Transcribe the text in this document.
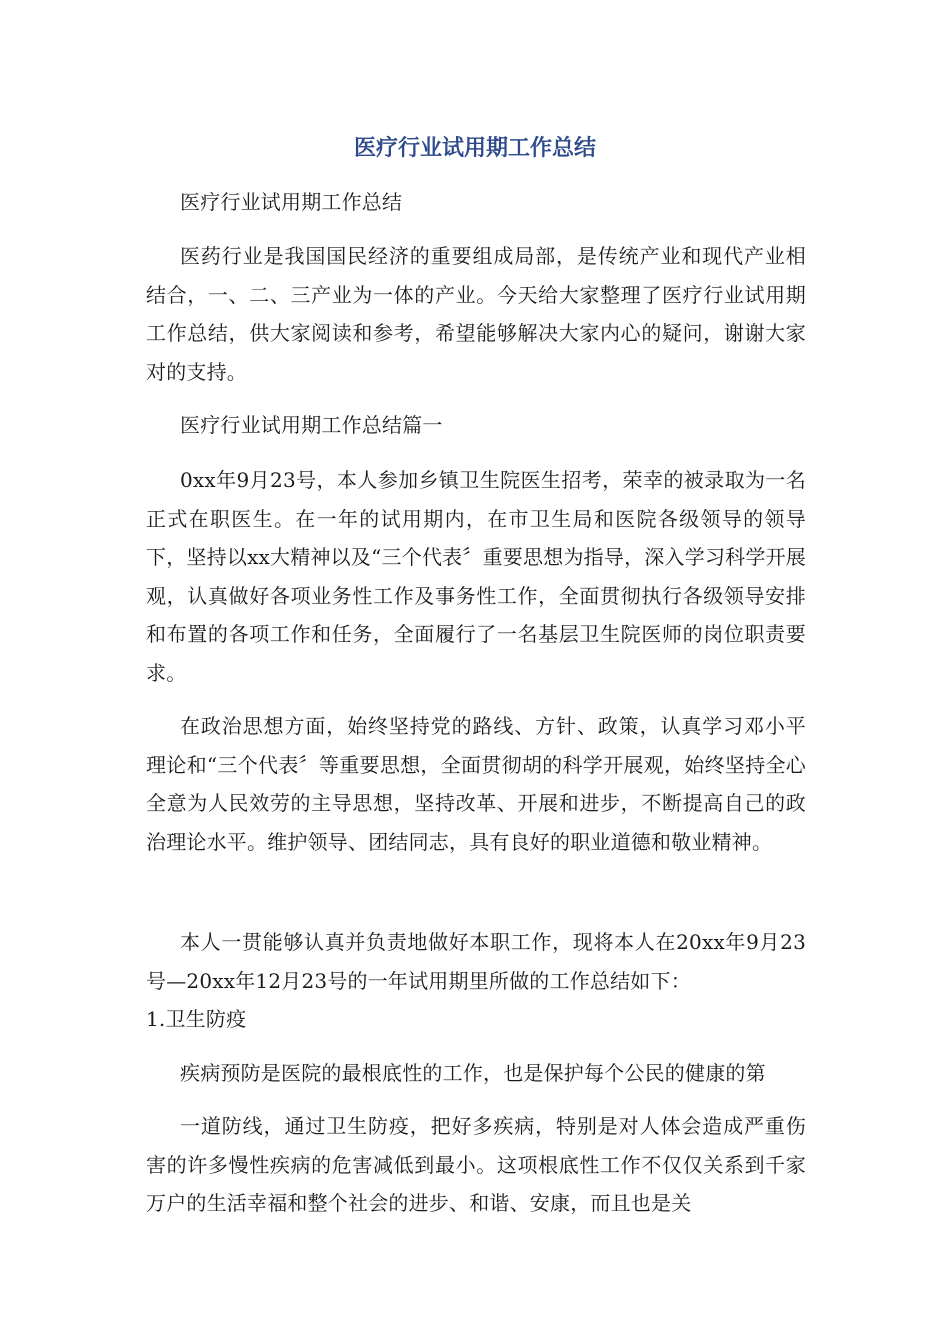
医疗行业试用期工作总结

医疗行业试用期工作总结

医药行业是我国国民经济的重要组成局部，是传统产业和现代产业相结合，一、二、三产业为一体的产业。今天给大家整理了医疗行业试用期工作总结，供大家阅读和参考，希望能够解决大家内心的疑问，谢谢大家对的支持。

医疗行业试用期工作总结篇一

0xx年9月23号，本人参加乡镇卫生院医生招考，荣幸的被录取为一名正式在职医生。在一年的试用期内，在市卫生局和医院各级领导的领导下，坚持以xx大精神以及“三个代表〞重要思想为指导，深入学习科学开展观，认真做好各项业务性工作及事务性工作，全面贯彻执行各级领导安排和布置的各项工作和任务，全面履行了一名基层卫生院医师的岗位职责要求。

在政治思想方面，始终坚持党的路线、方针、政策，认真学习邓小平理论和“三个代表〞等重要思想，全面贯彻胡的科学开展观，始终坚持全心全意为人民效劳的主导思想，坚持改革、开展和进步，不断提高自己的政治理论水平。维护领导、团结同志，具有良好的职业道德和敬业精神。

本人一贯能够认真并负责地做好本职工作，现将本人在20xx年9月23号—20xx年12月23号的一年试用期里所做的工作总结如下：

1.卫生防疫

疾病预防是医院的最根底性的工作，也是保护每个公民的健康的第

一道防线，通过卫生防疫，把好多疾病，特别是对人体会造成严重伤害的许多慢性疾病的危害减低到最小。这项根底性工作不仅仅关系到千家万户的生活幸福和整个社会的进步、和谐、安康，而且也是关
